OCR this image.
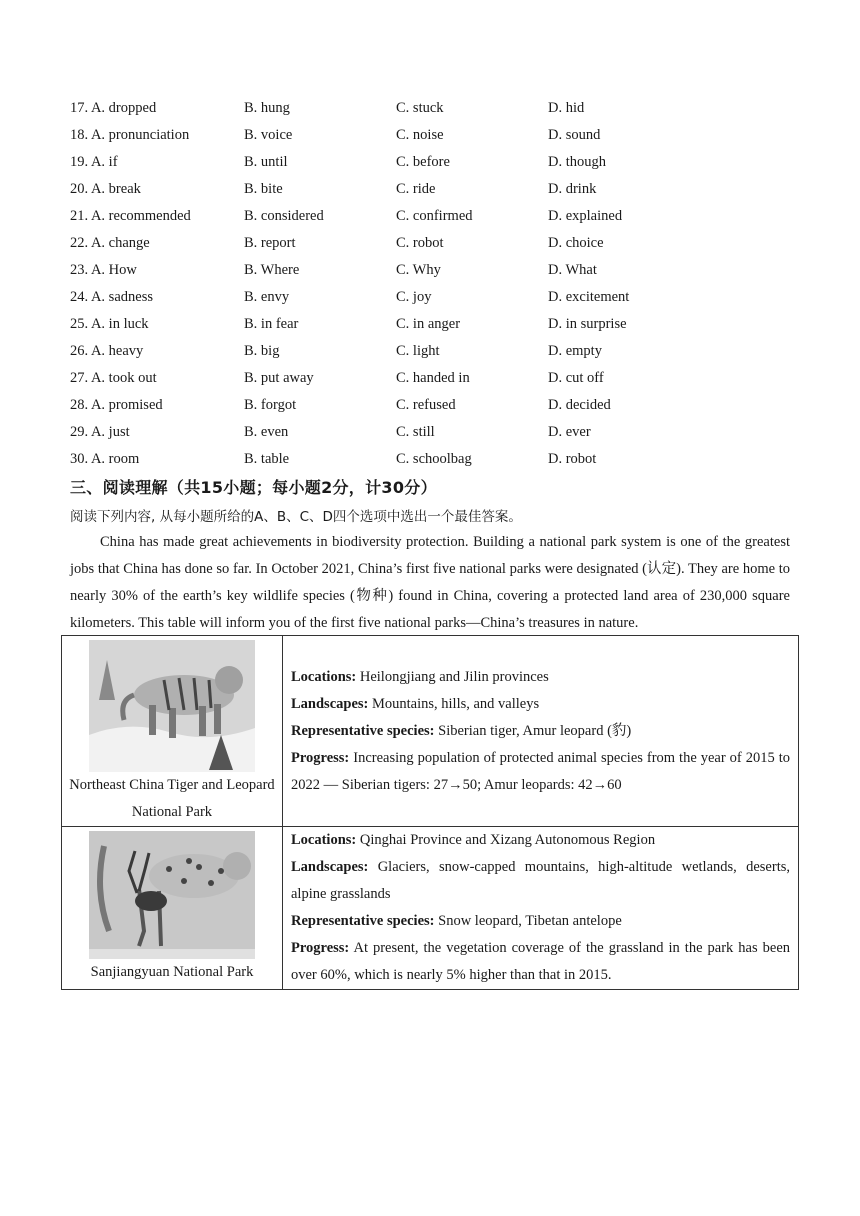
17. A. dropped	B. hung	C. stuck	D. hid
18. A. pronunciation	B. voice	C. noise	D. sound
19. A. if	B. until	C. before	D. though
20. A. break	B. bite	C. ride	D. drink
21. A. recommended	B. considered	C. confirmed	D. explained
22. A. change	B. report	C. robot	D. choice
23. A. How	B. Where	C. Why	D. What
24. A. sadness	B. envy	C. joy	D. excitement
25. A. in luck	B. in fear	C. in anger	D. in surprise
26. A. heavy	B. big	C. light	D. empty
27. A. took out	B. put away	C. handed in	D. cut off
28. A. promised	B. forgot	C. refused	D. decided
29. A. just	B. even	C. still	D. ever
30. A. room	B. table	C. schoolbag	D. robot
三、阅读理解（共15小题；每小题2分，计30分）
阅读下列内容, 从每小题所给的A、B、C、D四个选项中选出一个最佳答案。

China has made great achievements in biodiversity protection. Building a national park system is one of the greatest jobs that China has done so far. In October 2021, China’s first five national parks were designated (认定). They are home to nearly 30% of the earth’s key wildlife species (物种) found in China, covering a protected land area of 230,000 square kilometers. This table will inform you of the first five national parks—China’s treasures in nature.

Northeast China Tiger and Leopard National Park	Locations: Heilongjiang and Jilin provinces
Landscapes: Mountains, hills, and valleys
Representative species: Siberian tiger, Amur leopard (豹)
Progress: Increasing population of protected animal species from the year of 2015 to 2022 — Siberian tigers: 27→50; Amur leopards: 42→60

Sanjiangyuan National Park	Locations: Qinghai Province and Xizang Autonomous Region
Landscapes: Glaciers, snow-capped mountains, high-altitude wetlands, deserts, alpine grasslands
Representative species: Snow leopard, Tibetan antelope
Progress: At present, the vegetation coverage of the grassland in the park has been over 60%, which is nearly 5% higher than that in 2015.
